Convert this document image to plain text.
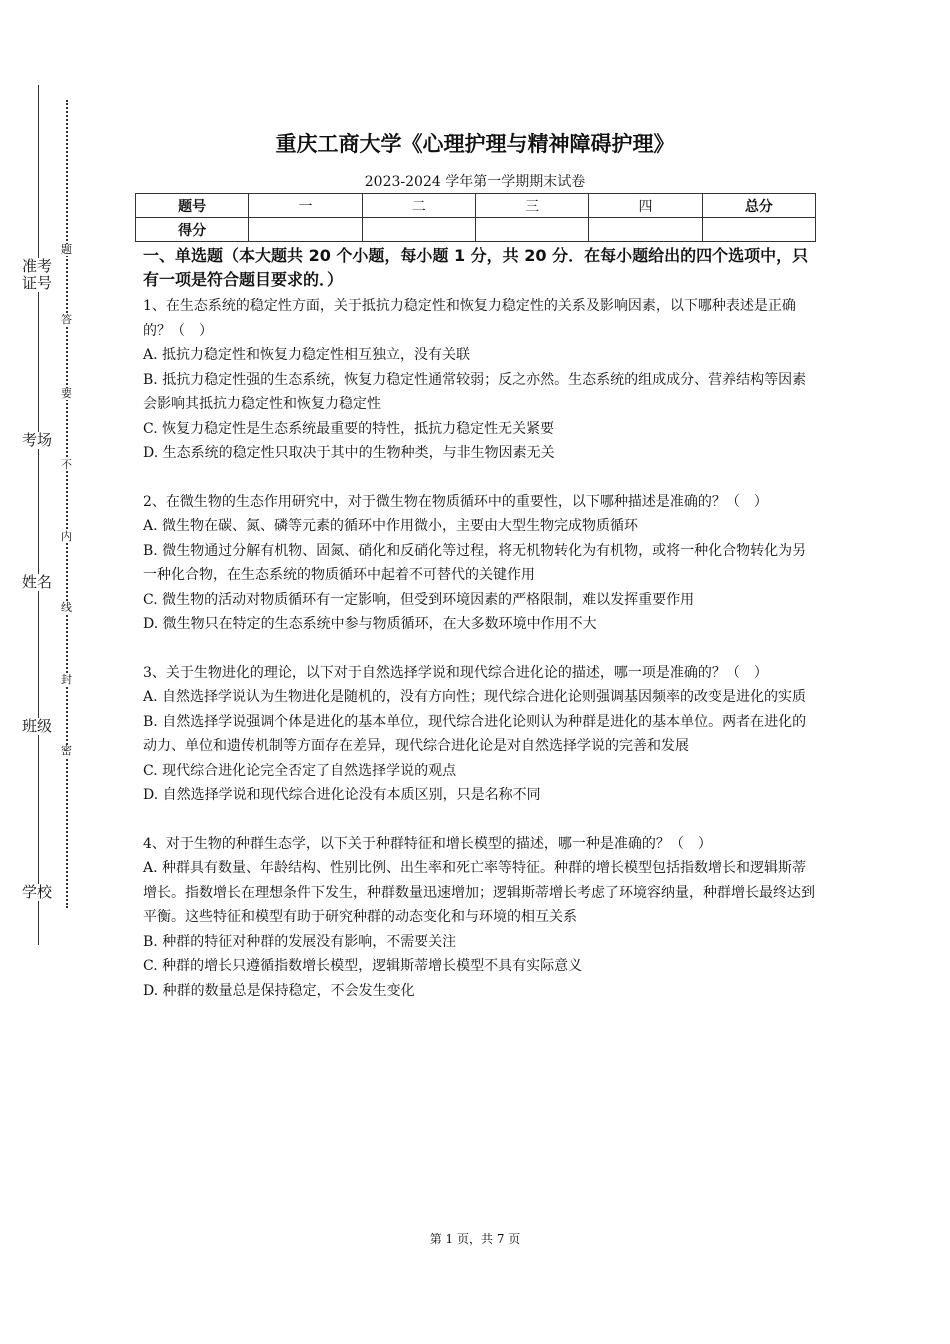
准考证号
考场
姓名
班级
学校
题
答
要
不
内
线
封
密
重庆工商大学《心理护理与精神障碍护理》
2023-2024 学年第一学期期末试卷
题号	一	二	三	四	总分
得分					

一、单选题（本大题共 20 个小题，每小题 1 分，共 20 分．在每小题给出的四个选项中，只有一项是符合题目要求的．）

1、在生态系统的稳定性方面，关于抵抗力稳定性和恢复力稳定性的关系及影响因素，以下哪种表述是正确的？（　）

A. 抵抗力稳定性和恢复力稳定性相互独立，没有关联

B. 抵抗力稳定性强的生态系统，恢复力稳定性通常较弱；反之亦然。生态系统的组成成分、营养结构等因素会影响其抵抗力稳定性和恢复力稳定性

C. 恢复力稳定性是生态系统最重要的特性，抵抗力稳定性无关紧要

D. 生态系统的稳定性只取决于其中的生物种类，与非生物因素无关

2、在微生物的生态作用研究中，对于微生物在物质循环中的重要性，以下哪种描述是准确的？（　）

A. 微生物在碳、氮、磷等元素的循环中作用微小，主要由大型生物完成物质循环

B. 微生物通过分解有机物、固氮、硝化和反硝化等过程，将无机物转化为有机物，或将一种化合物转化为另一种化合物，在生态系统的物质循环中起着不可替代的关键作用

C. 微生物的活动对物质循环有一定影响，但受到环境因素的严格限制，难以发挥重要作用

D. 微生物只在特定的生态系统中参与物质循环，在大多数环境中作用不大

3、关于生物进化的理论，以下对于自然选择学说和现代综合进化论的描述，哪一项是准确的？（　）

A. 自然选择学说认为生物进化是随机的，没有方向性；现代综合进化论则强调基因频率的改变是进化的实质

B. 自然选择学说强调个体是进化的基本单位，现代综合进化论则认为种群是进化的基本单位。两者在进化的动力、单位和遗传机制等方面存在差异，现代综合进化论是对自然选择学说的完善和发展

C. 现代综合进化论完全否定了自然选择学说的观点

D. 自然选择学说和现代综合进化论没有本质区别，只是名称不同

4、对于生物的种群生态学，以下关于种群特征和增长模型的描述，哪一种是准确的？（　）

A. 种群具有数量、年龄结构、性别比例、出生率和死亡率等特征。种群的增长模型包括指数增长和逻辑斯蒂增长。指数增长在理想条件下发生，种群数量迅速增加；逻辑斯蒂增长考虑了环境容纳量，种群增长最终达到平衡。这些特征和模型有助于研究种群的动态变化和与环境的相互关系

B. 种群的特征对种群的发展没有影响，不需要关注

C. 种群的增长只遵循指数增长模型，逻辑斯蒂增长模型不具有实际意义

D. 种群的数量总是保持稳定，不会发生变化

第 1 页，共 7 页
